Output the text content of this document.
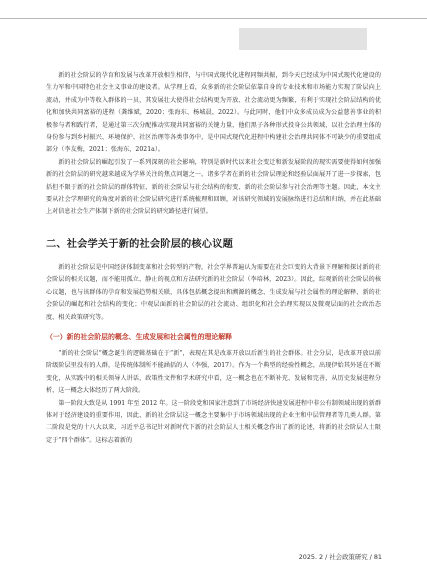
新的社会阶层的孕育和发展与改革开放相生相伴，与中国式现代化进程同频共振，到今天已经成为中国式现代化建设的生力军和中国特色社会主义事业的建设者。从学理上看，众多新的社会阶层依靠自身的专业技术和市场能力实现了阶层向上流动，并成为中等收入群体的一员，其发展壮大使得社会结构更为开放、社会流动更为频繁，有利于实现社会阶层结构的优化和加快共同富裕的进程（龚维斌，2020；张海东、杨城晨，2022）。与此同时，他们中众多成员成为公益慈善事业的积极参与者和践行者，是通过第三次分配推动实现共同富裕的关键力量，他们黑子各种形式投身公共领域，以社会治理主体的身份参与到乡村振兴、环境保护、社区治理等各类事务中，是中国式现代化进程中构建社会治理共同体不可缺少的重要组成部分（李友梅，2021；张海东，2021a）。

新的社会阶层的崛起引发了一系列深刻的社会影响，特别是新时代以来社会变迁和新发展阶段的现实需要使得如何加强新的社会阶层的研究越来越成为学界关注的焦点问题之一。诸多学者在新的社会阶层理论和经验层面展开了进一步探索，包括但不限于新的社会阶层的群体特征、新的社会阶层与社会结构的衔变、新的社会阶层参与社会治理等主题。因此，本文主要从社会学理研究的角度对新的社会阶层研究进行系统梳理和回顾，对该研究领域的发展脉络进行总结和归纳，并在此基础上对信息社会生产体制下新的社会阶层的研究路径进行展望。

二、社会学关于新的社会阶层的核心议题

新的社会阶层是中国经济体制变革和社会转型的产物，社会学界普遍认为需要在社会巨变的大背景下理解和探讨新的社会阶层的相关议题，而不能用孤立、静止的视点和方法研究新的社会阶层（李培林，2023）。因此，综观新的社会阶层的核心议题，也与该群体的孕育和发展趋势相关联，具体包括概念提出和溯源的概念、生成发展与社会属性的理论解释、新的社会阶层的崛起和社会结构的变化；中观层面新的社会阶层的社会流动、组织化和社会治理实现以及微观层面的社会政治态度、相关政策研究等。

（一）新的社会阶层的概念、生成发展和社会属性的理论解释

“新的社会阶层”概念诞生的逻辑基础在于“新”，表现在其是改革开放以后新生的社会群体。社会分层，是改革开放以前阶级阶层里没有的人群，是传统体制所不能涵括的人（李强，2017）。作为一个典型的经验性概念，出现伊始其外延在不断变化，从实践中的相关领导人讲话，政策性文件和学术研究中看，这一概念也在不断补充、发展和完善，从历史发展进程分析，这一概念大体经历了两大阶段。

第一阶段大致是从 1991 年至 2012 年。这一阶段党和国家注意到了市场经济快速发展进程中非公有制领域出现的新群体对于经济建设的重要作用，因此，新的社会阶层这一概念主要集中于市场领域出现的企业主和中层管理者等几类人群。第二阶段是党的十八大以来，习近平总书记针对新时代下新的社会阶层人士相关概念作出了新的论述，将新的社会阶层人士限定于“四个群体”。这标志着新的

2025. 2 / 社会政策研究 / 81
